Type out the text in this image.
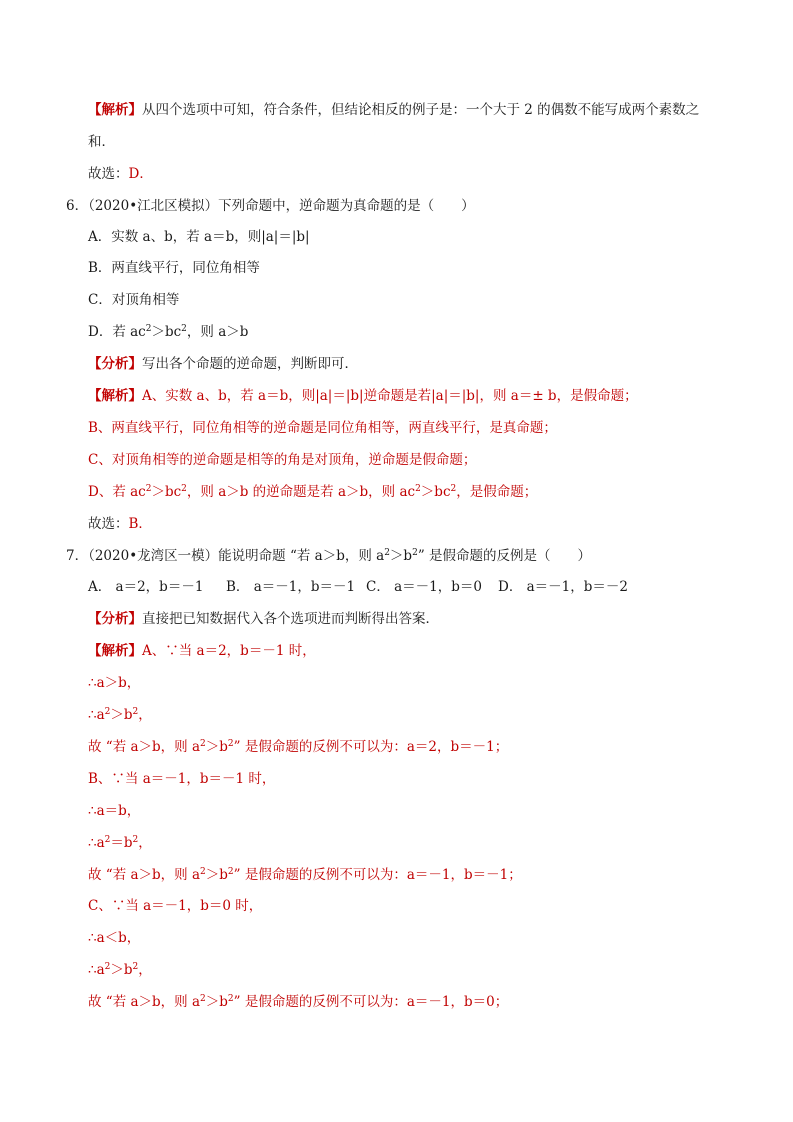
【解析】从四个选项中可知，符合条件，但结论相反的例子是：一个大于 2 的偶数不能写成两个素数之
和．
故选：D．
6．（2020•江北区模拟）下列命题中，逆命题为真命题的是（　　）
A．实数 a、b，若 a＝b，则|a|＝|b|
B．两直线平行，同位角相等
C．对顶角相等
D．若 $ac^2>bc^2$，则 a＞b
【分析】写出各个命题的逆命题，判断即可．
【解析】A、实数 a、b，若 a＝b，则|a|＝|b|逆命题是若|a|＝|b|，则 a＝± b，是假命题；
B、两直线平行，同位角相等的逆命题是同位角相等，两直线平行，是真命题；
C、对顶角相等的逆命题是相等的角是对顶角，逆命题是假命题；
D、若 $ac^2>bc^2$，则 a＞b 的逆命题是若 a＞b，则 $ac^2>bc^2$，是假命题；
故选：B．
7．（2020•龙湾区一模）能说明命题 “若 a＞b，则 $a^2>b^2$” 是假命题的反例是（　　）
A． a＝2，b＝－1 B． a＝－1，b＝－1 C． a＝－1，b＝0 D． a＝－1，b＝－2
【分析】直接把已知数据代入各个选项进而判断得出答案．
【解析】A、∵当 a＝2，b＝－1 时，
∴a＞b，
$\therefore a^2>b^2$，
故 “若 a＞b，则 $a^2>b^2$” 是假命题的反例不可以为：a＝2，b＝－1；
B、∵当 a＝－1，b＝－1 时，
∴a＝b，
$\therefore a^2=b^2$，
故 “若 a＞b，则 $a^2>b^2$” 是假命题的反例不可以为：a＝－1，b＝－1；
C、∵当 a＝－1，b＝0 时，
∴a＜b，
$\therefore a^2>b^2$，
故 “若 a＞b，则 $a^2>b^2$” 是假命题的反例不可以为：a＝－1，b＝0；
